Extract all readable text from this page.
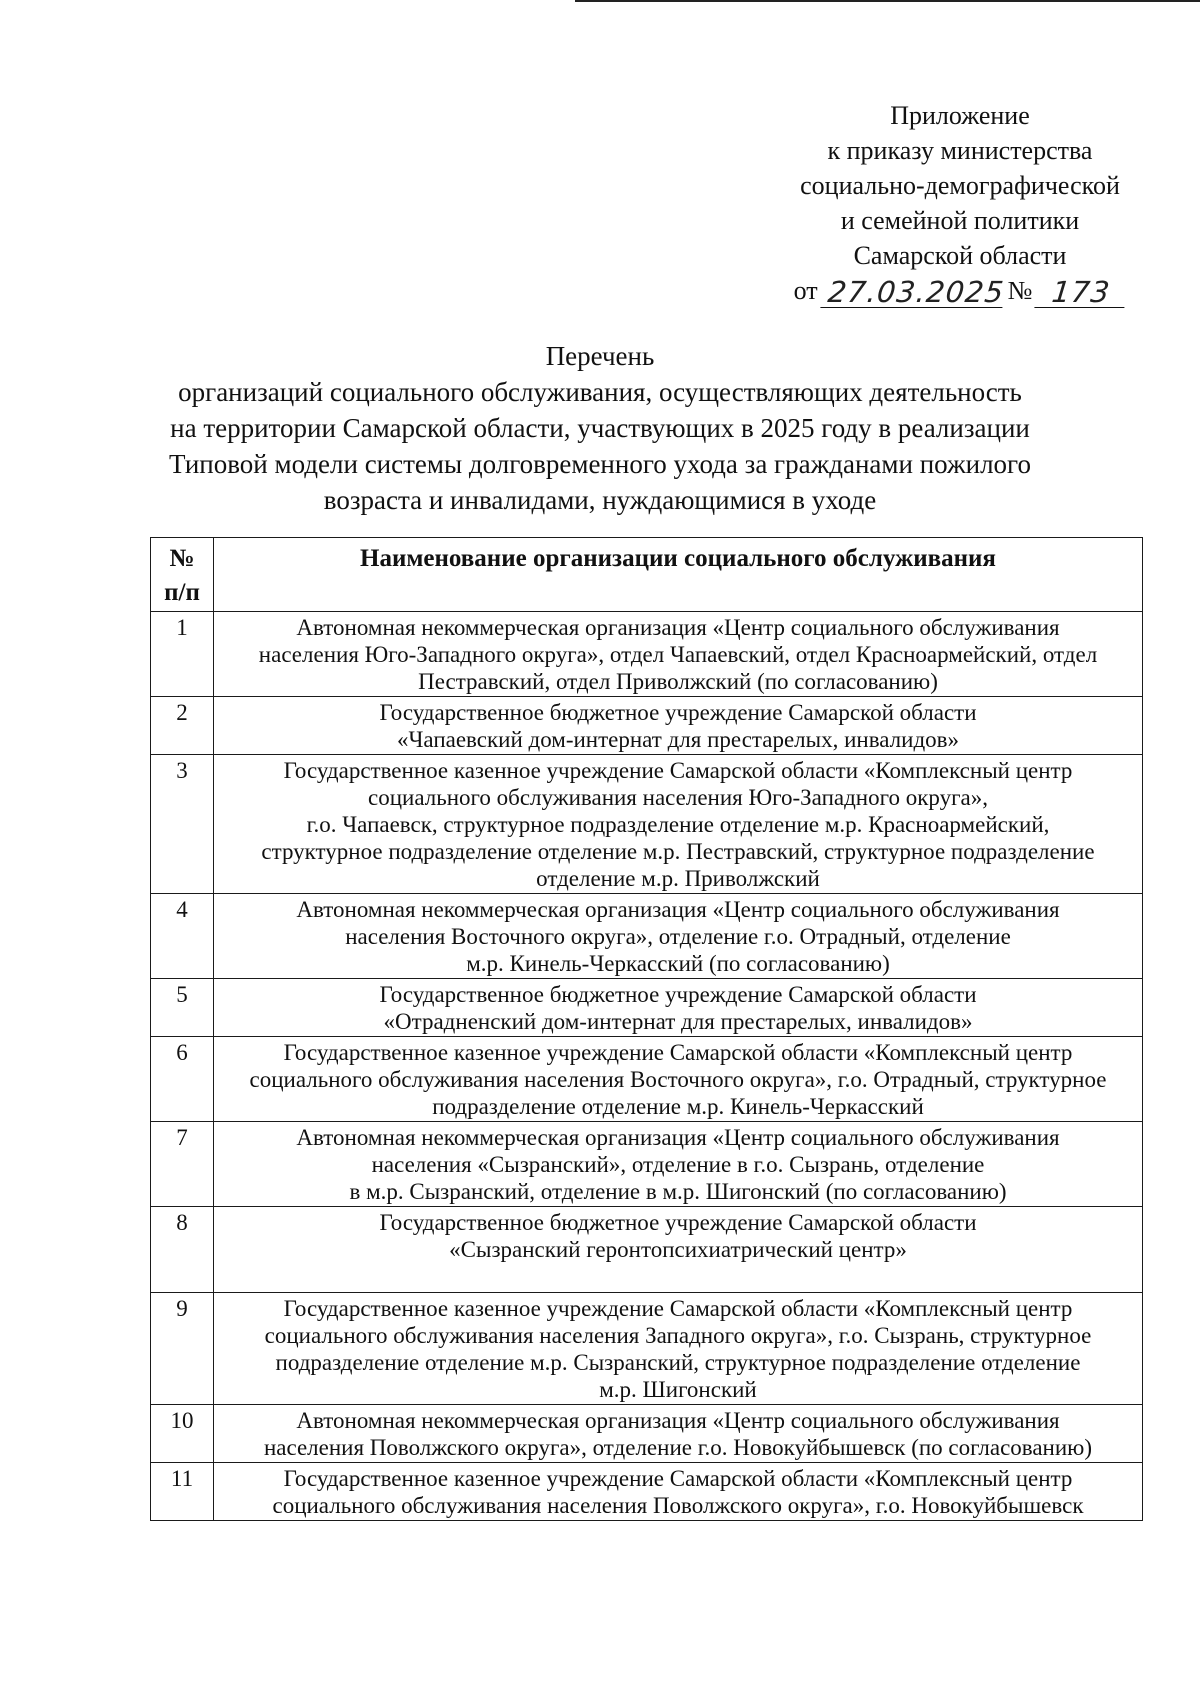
Приложение
к приказу министерства
социально-демографической
и семейной политики
Самарской области
от 27.03.2025 № 173
Перечень
организаций социального обслуживания, осуществляющих деятельность
на территории Самарской области, участвующих в 2025 году в реализации
Типовой модели системы долговременного ухода за гражданами пожилого
возраста и инвалидами, нуждающимися в уходе
№
п/п	Наименование организации социального обслуживания
1	Автономная некоммерческая организация «Центр социального обслуживания
населения Юго-Западного округа», отдел Чапаевский, отдел Красноармейский, отдел
Пестравский, отдел Приволжский (по согласованию)

2	Государственное бюджетное учреждение Самарской области
«Чапаевский дом-интернат для престарелых, инвалидов»

3	Государственное казенное учреждение Самарской области «Комплексный центр
социального обслуживания населения Юго-Западного округа»,
г.о. Чапаевск, структурное подразделение отделение м.р. Красноармейский,
структурное подразделение отделение м.р. Пестравский, структурное подразделение
отделение м.р. Приволжский

4	Автономная некоммерческая организация «Центр социального обслуживания
населения Восточного округа», отделение г.о. Отрадный, отделение
м.р. Кинель-Черкасский (по согласованию)

5	Государственное бюджетное учреждение Самарской области
«Отрадненский дом-интернат для престарелых, инвалидов»

6	Государственное казенное учреждение Самарской области «Комплексный центр
социального обслуживания населения Восточного округа», г.о. Отрадный, структурное
подразделение отделение м.р. Кинель-Черкасский

7	Автономная некоммерческая организация «Центр социального обслуживания
населения «Сызранский», отделение в г.о. Сызрань, отделение
в м.р. Сызранский, отделение в м.р. Шигонский (по согласованию)

8	Государственное бюджетное учреждение Самарской области
«Сызранский геронтопсихиатрический центр»

9	Государственное казенное учреждение Самарской области «Комплексный центр
социального обслуживания населения Западного округа», г.о. Сызрань, структурное
подразделение отделение м.р. Сызранский, структурное подразделение отделение
м.р. Шигонский

10	Автономная некоммерческая организация «Центр социального обслуживания
населения Поволжского округа», отделение г.о. Новокуйбышевск (по согласованию)

11	Государственное казенное учреждение Самарской области «Комплексный центр
социального обслуживания населения Поволжского округа», г.о. Новокуйбышевск
